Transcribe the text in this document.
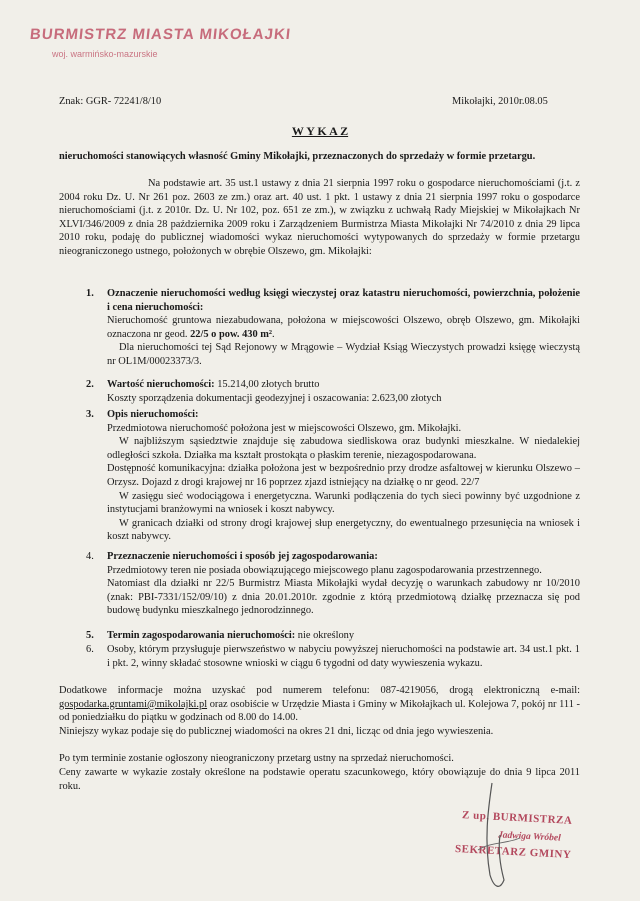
BURMISTRZ MIASTA MIKOŁAJKI
woj. warmińsko-mazurskie
Znak: GGR- 72241/8/10	Mikołajki, 2010r.08.05
W Y K A Z
nieruchomości stanowiących własność Gminy Mikołajki, przeznaczonych do sprzedaży w formie przetargu.
Na podstawie art. 35 ust.1 ustawy z dnia 21 sierpnia 1997 roku o gospodarce nieruchomościami (j.t. z 2004 roku Dz. U. Nr 261 poz. 2603 ze zm.) oraz art. 40 ust. 1 pkt. 1 ustawy z dnia 21 sierpnia 1997 roku o gospodarce nieruchomościami (j.t. z 2010r. Dz. U. Nr 102, poz. 651 ze zm.), w związku z uchwałą Rady Miejskiej w Mikołajkach Nr XLVI/346/2009 z dnia 28 października 2009 roku i Zarządzeniem Burmistrza Miasta Mikołajki Nr 74/2010 z dnia 29 lipca 2010 roku, podaję do publicznej wiadomości wykaz nieruchomości wytypowanych do sprzedaży w formie przetargu nieograniczonego ustnego, położonych w obrębie Olszewo, gm. Mikołajki:
1.	Oznaczenie nieruchomości według księgi wieczystej oraz katastru nieruchomości, powierzchnia, położenie i cena nieruchomości:
Nieruchomość gruntowa niezabudowana, położona w miejscowości Olszewo, obręb Olszewo, gm. Mikołajki oznaczona nr geod. 22/5 o pow. 430 m².
Dla nieruchomości tej Sąd Rejonowy w Mrągowie – Wydział Ksiąg Wieczystych prowadzi księgę wieczystą nr OL1M/00023373/3.
2.	Wartość nieruchomości: 15.214,00 złotych brutto
Koszty sporządzenia dokumentacji geodezyjnej i oszacowania: 2.623,00 złotych
3.	Opis nieruchomości:
Przedmiotowa nieruchomość położona jest w miejscowości Olszewo, gm. Mikołajki.
W najbliższym sąsiedztwie znajduje się zabudowa siedliskowa oraz budynki mieszkalne. W niedalekiej odległości szkoła. Działka ma kształt prostokąta o płaskim terenie, niezagospodarowana.
Dostępność komunikacyjna: działka położona jest w bezpośrednio przy drodze asfaltowej w kierunku Olszewo –Orzysz. Dojazd z drogi krajowej nr 16 poprzez zjazd istniejący na działkę o nr geod. 22/7
W zasięgu sieć wodociągowa i energetyczna. Warunki podłączenia do tych sieci powinny być uzgodnione z instytucjami branżowymi na wniosek i koszt nabywcy.
W granicach działki od strony drogi krajowej słup energetyczny, do ewentualnego przesunięcia na wniosek i koszt nabywcy.
4.	Przeznaczenie nieruchomości i sposób jej zagospodarowania:
Przedmiotowy teren nie posiada obowiązującego miejscowego planu zagospodarowania przestrzennego.
Natomiast dla działki nr 22/5 Burmistrz Miasta Mikołajki wydał decyzję o warunkach zabudowy nr 10/2010 (znak: PBI-7331/152/09/10) z dnia 20.01.2010r. zgodnie z którą przedmiotową działkę przeznacza się pod budowę budynku mieszkalnego jednorodzinnego.
5.	Termin zagospodarowania nieruchomości: nie określony
6.	Osoby, którym przysługuje pierwszeństwo w nabyciu powyższej nieruchomości na podstawie art. 34 ust.1 pkt. 1 i pkt. 2, winny składać stosowne wnioski w ciągu 6 tygodni od daty wywieszenia wykazu.
Dodatkowe informacje można uzyskać pod numerem telefonu: 087-4219056, drogą elektroniczną e-mail: gospodarka.gruntami@mikolajki.pl oraz osobiście w Urzędzie Miasta i Gminy w Mikołajkach ul. Kolejowa 7, pokój nr 111 - od poniedziałku do piątku w godzinach od 8.00 do 14.00.
Niniejszy wykaz podaje się do publicznej wiadomości na okres 21 dni, licząc od dnia jego wywieszenia.
Po tym terminie zostanie ogłoszony nieograniczony przetarg ustny na sprzedaż nieruchomości.
Ceny zawarte w wykazie zostały określone na podstawie operatu szacunkowego, który obowiązuje do dnia 9 lipca 2011 roku.
Z up. BURMISTRZA
Jadwiga Wróbel
SEKRETARZ GMINY
